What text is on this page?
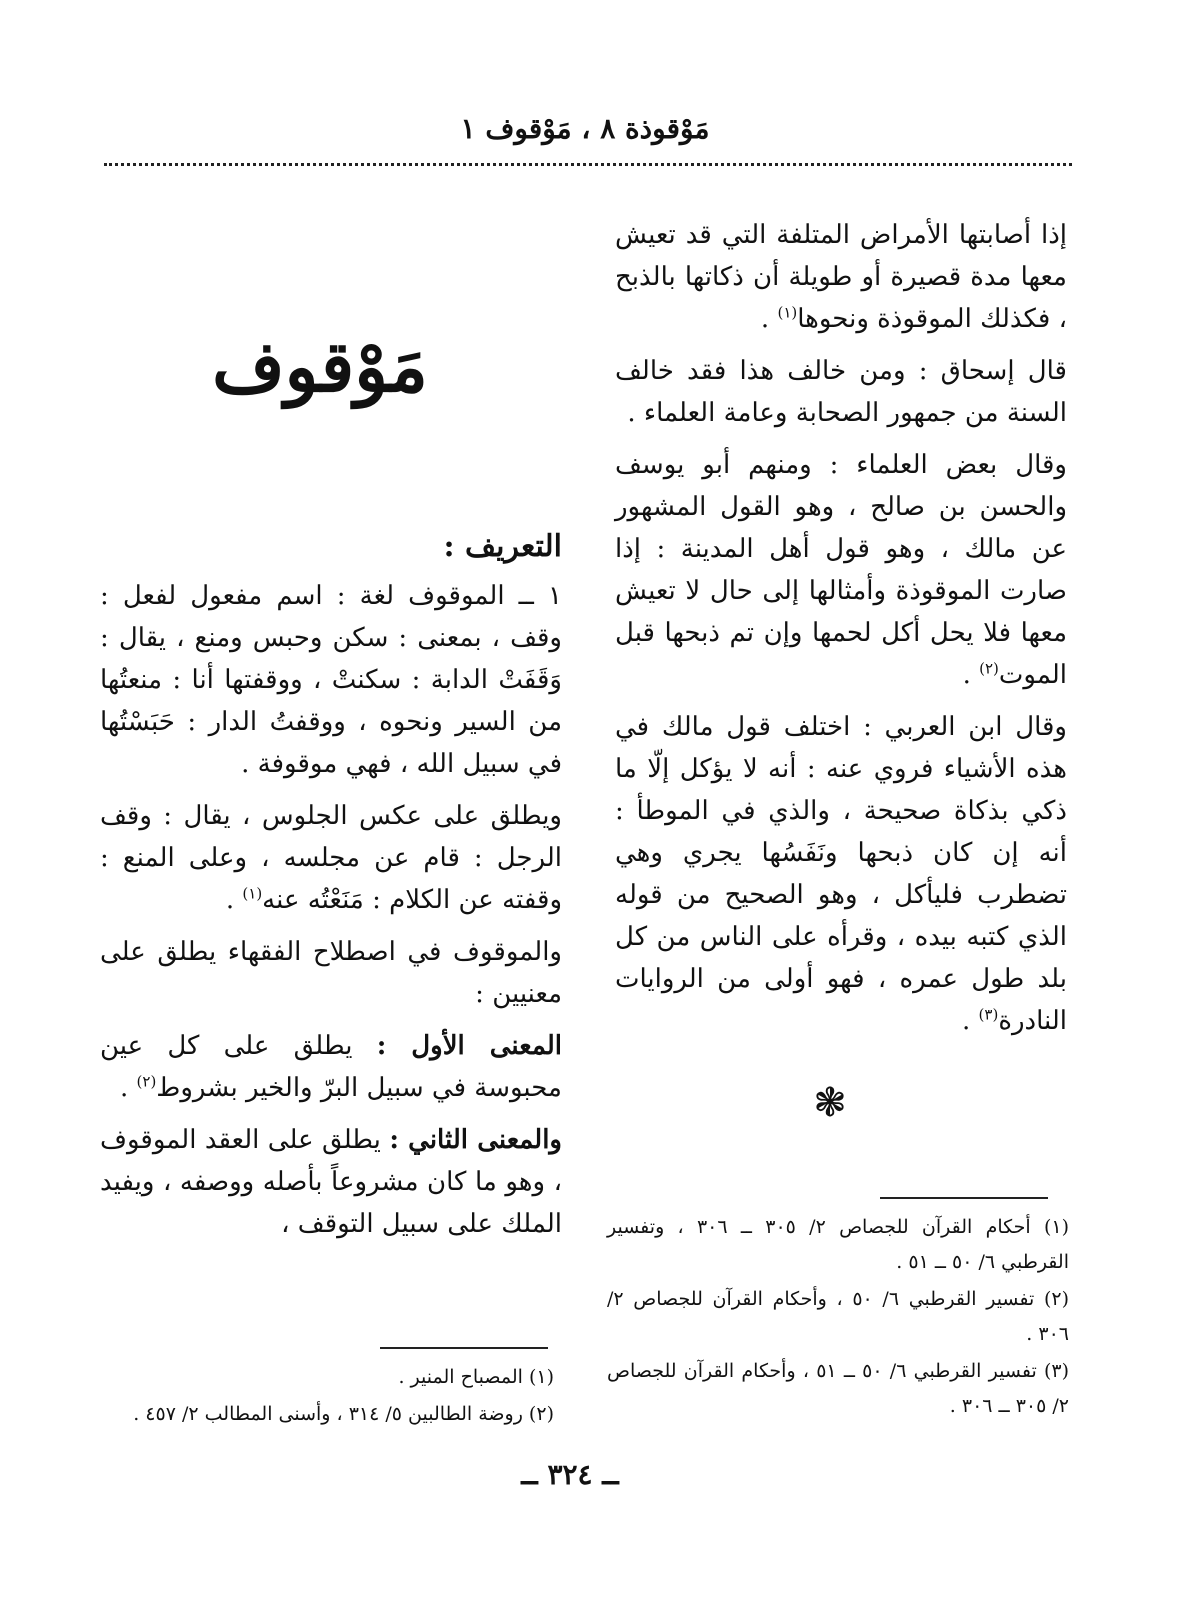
مَوْقوذة ٨ ، مَوْقوف ١

إذا أصابتها الأمراض المتلفة التي قد تعيش معها مدة قصيرة أو طويلة أن ذكاتها بالذبح ، فكذلك الموقوذة ونحوها$^{(١)}$ .

قال إسحاق : ومن خالف هذا فقد خالف السنة من جمهور الصحابة وعامة العلماء .

وقال بعض العلماء : ومنهم أبو يوسف والحسن بن صالح ، وهو القول المشهور عن مالك ، وهو قول أهل المدينة : إذا صارت الموقوذة وأمثالها إلى حال لا تعيش معها فلا يحل أكل لحمها وإن تم ذبحها قبل الموت$^{(٢)}$ .

وقال ابن العربي : اختلف قول مالك في هذه الأشياء فروي عنه : أنه لا يؤكل إلّا ما ذكي بذكاة صحيحة ، والذي في الموطأ : أنه إن كان ذبحها ونَفَسُها يجري وهي تضطرب فليأكل ، وهو الصحيح من قوله الذي كتبه بيده ، وقرأه على الناس من كل بلد طول عمره ، فهو أولى من الروايات النادرة$^{(٣)}$ .

❃

(١) أحكام القرآن للجصاص ٢/ ٣٠٥ ــ ٣٠٦ ، وتفسير القرطبي ٦/ ٥٠ ــ ٥١ .

(٢) تفسير القرطبي ٦/ ٥٠ ، وأحكام القرآن للجصاص ٢/ ٣٠٦ .

(٣) تفسير القرطبي ٦/ ٥٠ ــ ٥١ ، وأحكام القرآن للجصاص ٢/ ٣٠٥ ــ ٣٠٦ .

مَوْقوف
التعريف :

١ ــ الموقوف لغة : اسم مفعول لفعل : وقف ، بمعنى : سكن وحبس ومنع ، يقال : وَقَفَتْ الدابة : سكنتْ ، ووقفتها أنا : منعتُها من السير ونحوه ، ووقفتُ الدار : حَبَسْتُها في سبيل الله ، فهي موقوفة .

ويطلق على عكس الجلوس ، يقال : وقف الرجل : قام عن مجلسه ، وعلى المنع : وقفته عن الكلام : مَنَعْتُه عنه$^{(١)}$ .

والموقوف في اصطلاح الفقهاء يطلق على معنيين :

المعنى الأول : يطلق على كل عين محبوسة في سبيل البرّ والخير بشروط$^{(٢)}$ .

والمعنى الثاني : يطلق على العقد الموقوف ، وهو ما كان مشروعاً بأصله ووصفه ، ويفيد الملك على سبيل التوقف ،

(١) المصباح المنير .

(٢) روضة الطالبين ٥/ ٣١٤ ، وأسنى المطالب ٢/ ٤٥٧ .

ــ ٣٢٤ ــ
